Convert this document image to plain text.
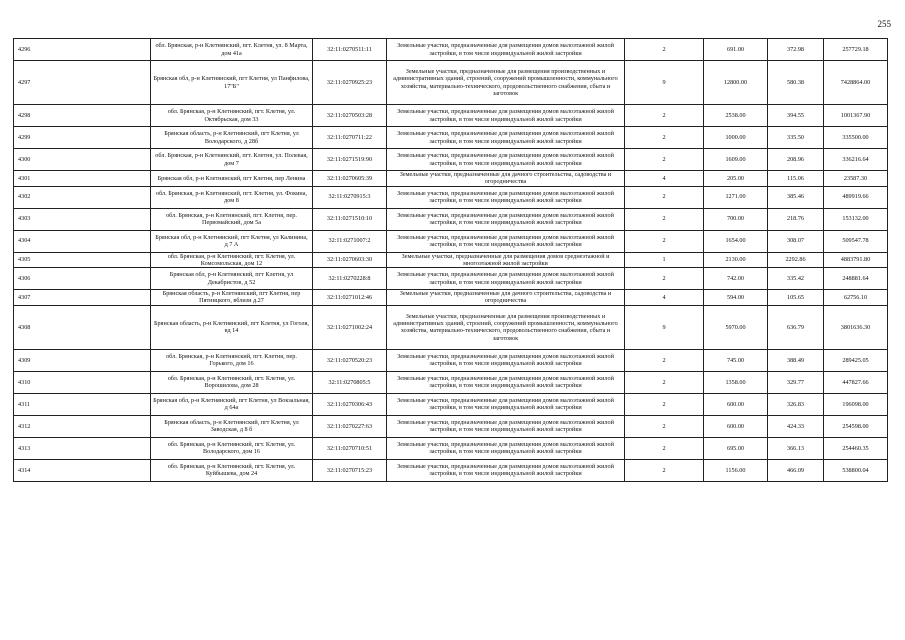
255
4296	обл. Брянская, р-н Клетнянский, пгт. Клетня, ул. 8 Марта, дом 41а	32:11:0270511:11	Земельные участки, предназначенные для размещения домов малоэтажной жилой застройки, в том числе индивидуальной жилой застройки	2	691.00	372.98	257729.18
4297	Брянская обл, р-н Клетнянский, пгт Клетня, ул Панфилова, 17"Б"	32:11:0270925:23	Земельные участки, предназначенные для размещения производственных и административных зданий, строений, сооружений промышленности, коммунального хозяйства, материально-технического, продовольственного снабжения, сбыта и заготовок	9	12800.00	580.38	7428864.00
4298	обл. Брянская, р-н Клетнянский, пгт. Клетня, ул. Октябрьская, дом 33	32:11:0270503:28	Земельные участки, предназначенные для размещения домов малоэтажной жилой застройки, в том числе индивидуальной жилой застройки	2	2538.00	394.55	1001367.90
4299	Брянская область, р-н Клетнянский, пгт Клетня, ул Володарского, д 28б	32:11:0270711:22	Земельные участки, предназначенные для размещения домов малоэтажной жилой застройки, в том числе индивидуальной жилой застройки	2	1000.00	335.50	335500.00
4300	обл. Брянская, р-н Клетнянский, пгт. Клетня, ул. Полевая, дом 7	32:11:0271519:90	Земельные участки, предназначенные для размещения домов малоэтажной жилой застройки, в том числе индивидуальной жилой застройки	2	1609.00	208.96	336216.64
4301	Брянская обл, р-н Клетнянский, пгт Клетня, пер Ленина	32:11:0270605:39	Земельные участки, предназначенные для дачного строительства, садоводства и огородничества	4	205.00	115.06	23587.30
4302	обл. Брянская, р-н Клетнянский, пгт. Клетня, ул. Фокина, дом 8	32:11:0270915:3	Земельные участки, предназначенные для размещения домов малоэтажной жилой застройки, в том числе индивидуальной жилой застройки	2	1271.00	385.46	489919.66
4303	обл. Брянская, р-н Клетнянский, пгт. Клетня, пер. Первомайский, дом 5а	32:11:0271510:10	Земельные участки, предназначенные для размещения домов малоэтажной жилой застройки, в том числе индивидуальной жилой застройки	2	700.00	218.76	153132.00
4304	Брянская обл, р-н Клетнянский, пгт Клетня, ул Калинина, д 7 А	32:11:0271007:2	Земельные участки, предназначенные для размещения домов малоэтажной жилой застройки, в том числе индивидуальной жилой застройки	2	1654.00	308.07	509547.78
4305	обл. Брянская, р-н Клетнянский, пгт. Клетня, ул. Комсомольская, дом 12	32:11:0270603:30	Земельные участки, предназначенные для размещения домов среднеэтажной и многоэтажной жилой застройки	1	2130.00	2292.86	4883791.80
4306	Брянская обл, р-н Клетнянский, пгт Клетня, ул Декабристов, д 52	32:11:0270228:8	Земельные участки, предназначенные для размещения домов малоэтажной жилой застройки, в том числе индивидуальной жилой застройки	2	742.00	335.42	248881.64
4307	Брянская область, р-н Клетнянский, пгт Клетня, пер Пятницкого, вблизи д.27	32:11:0271012:46	Земельные участки, предназначенные для дачного строительства, садоводства и огородничества	4	594.00	105.65	62756.10
4308	Брянская область, р-н Клетнянский, пгт Клетня, ул Гоголя, вд 14	32:11:0271002:24	Земельные участки, предназначенные для размещения производственных и административных зданий, строений, сооружений промышленности, коммунального хозяйства, материально-технического, продовольственного снабжения, сбыта и заготовок	9	5970.00	636.79	3801636.30
4309	обл. Брянская, р-н Клетнянский, пгт. Клетня, пер. Горького, дом 16	32:11:0270520:23	Земельные участки, предназначенные для размещения домов малоэтажной жилой застройки, в том числе индивидуальной жилой застройки	2	745.00	388.49	289425.05
4310	обл. Брянская, р-н Клетнянский, пгт. Клетня, ул. Ворошилова, дом 28	32:11:0270805:5	Земельные участки, предназначенные для размещения домов малоэтажной жилой застройки, в том числе индивидуальной жилой застройки	2	1358.00	329.77	447827.66
4311	Брянская обл, р-н Клетнянский, пгт Клетня, ул Вокзальная, д 64а	32:11:0270306:43	Земельные участки, предназначенные для размещения домов малоэтажной жилой застройки, в том числе индивидуальной жилой застройки	2	600.00	326.83	196098.00
4312	Брянская область, р-н Клетнянский, пгт Клетня, ул Заводская, д 8 б	32:11:0270227:63	Земельные участки, предназначенные для размещения домов малоэтажной жилой застройки, в том числе индивидуальной жилой застройки	2	600.00	424.33	254598.00
4313	обл. Брянская, р-н Клетнянский, пгт. Клетня, ул. Володарского, дом 16	32:11:0270710:51	Земельные участки, предназначенные для размещения домов малоэтажной жилой застройки, в том числе индивидуальной жилой застройки	2	695.00	366.13	254460.35
4314	обл. Брянская, р-н Клетнянский, пгт. Клетня, ул. Куйбышева, дом 24	32:11:0270715:23	Земельные участки, предназначенные для размещения домов малоэтажной жилой застройки, в том числе индивидуальной жилой застройки	2	1156.00	466.09	538800.04
